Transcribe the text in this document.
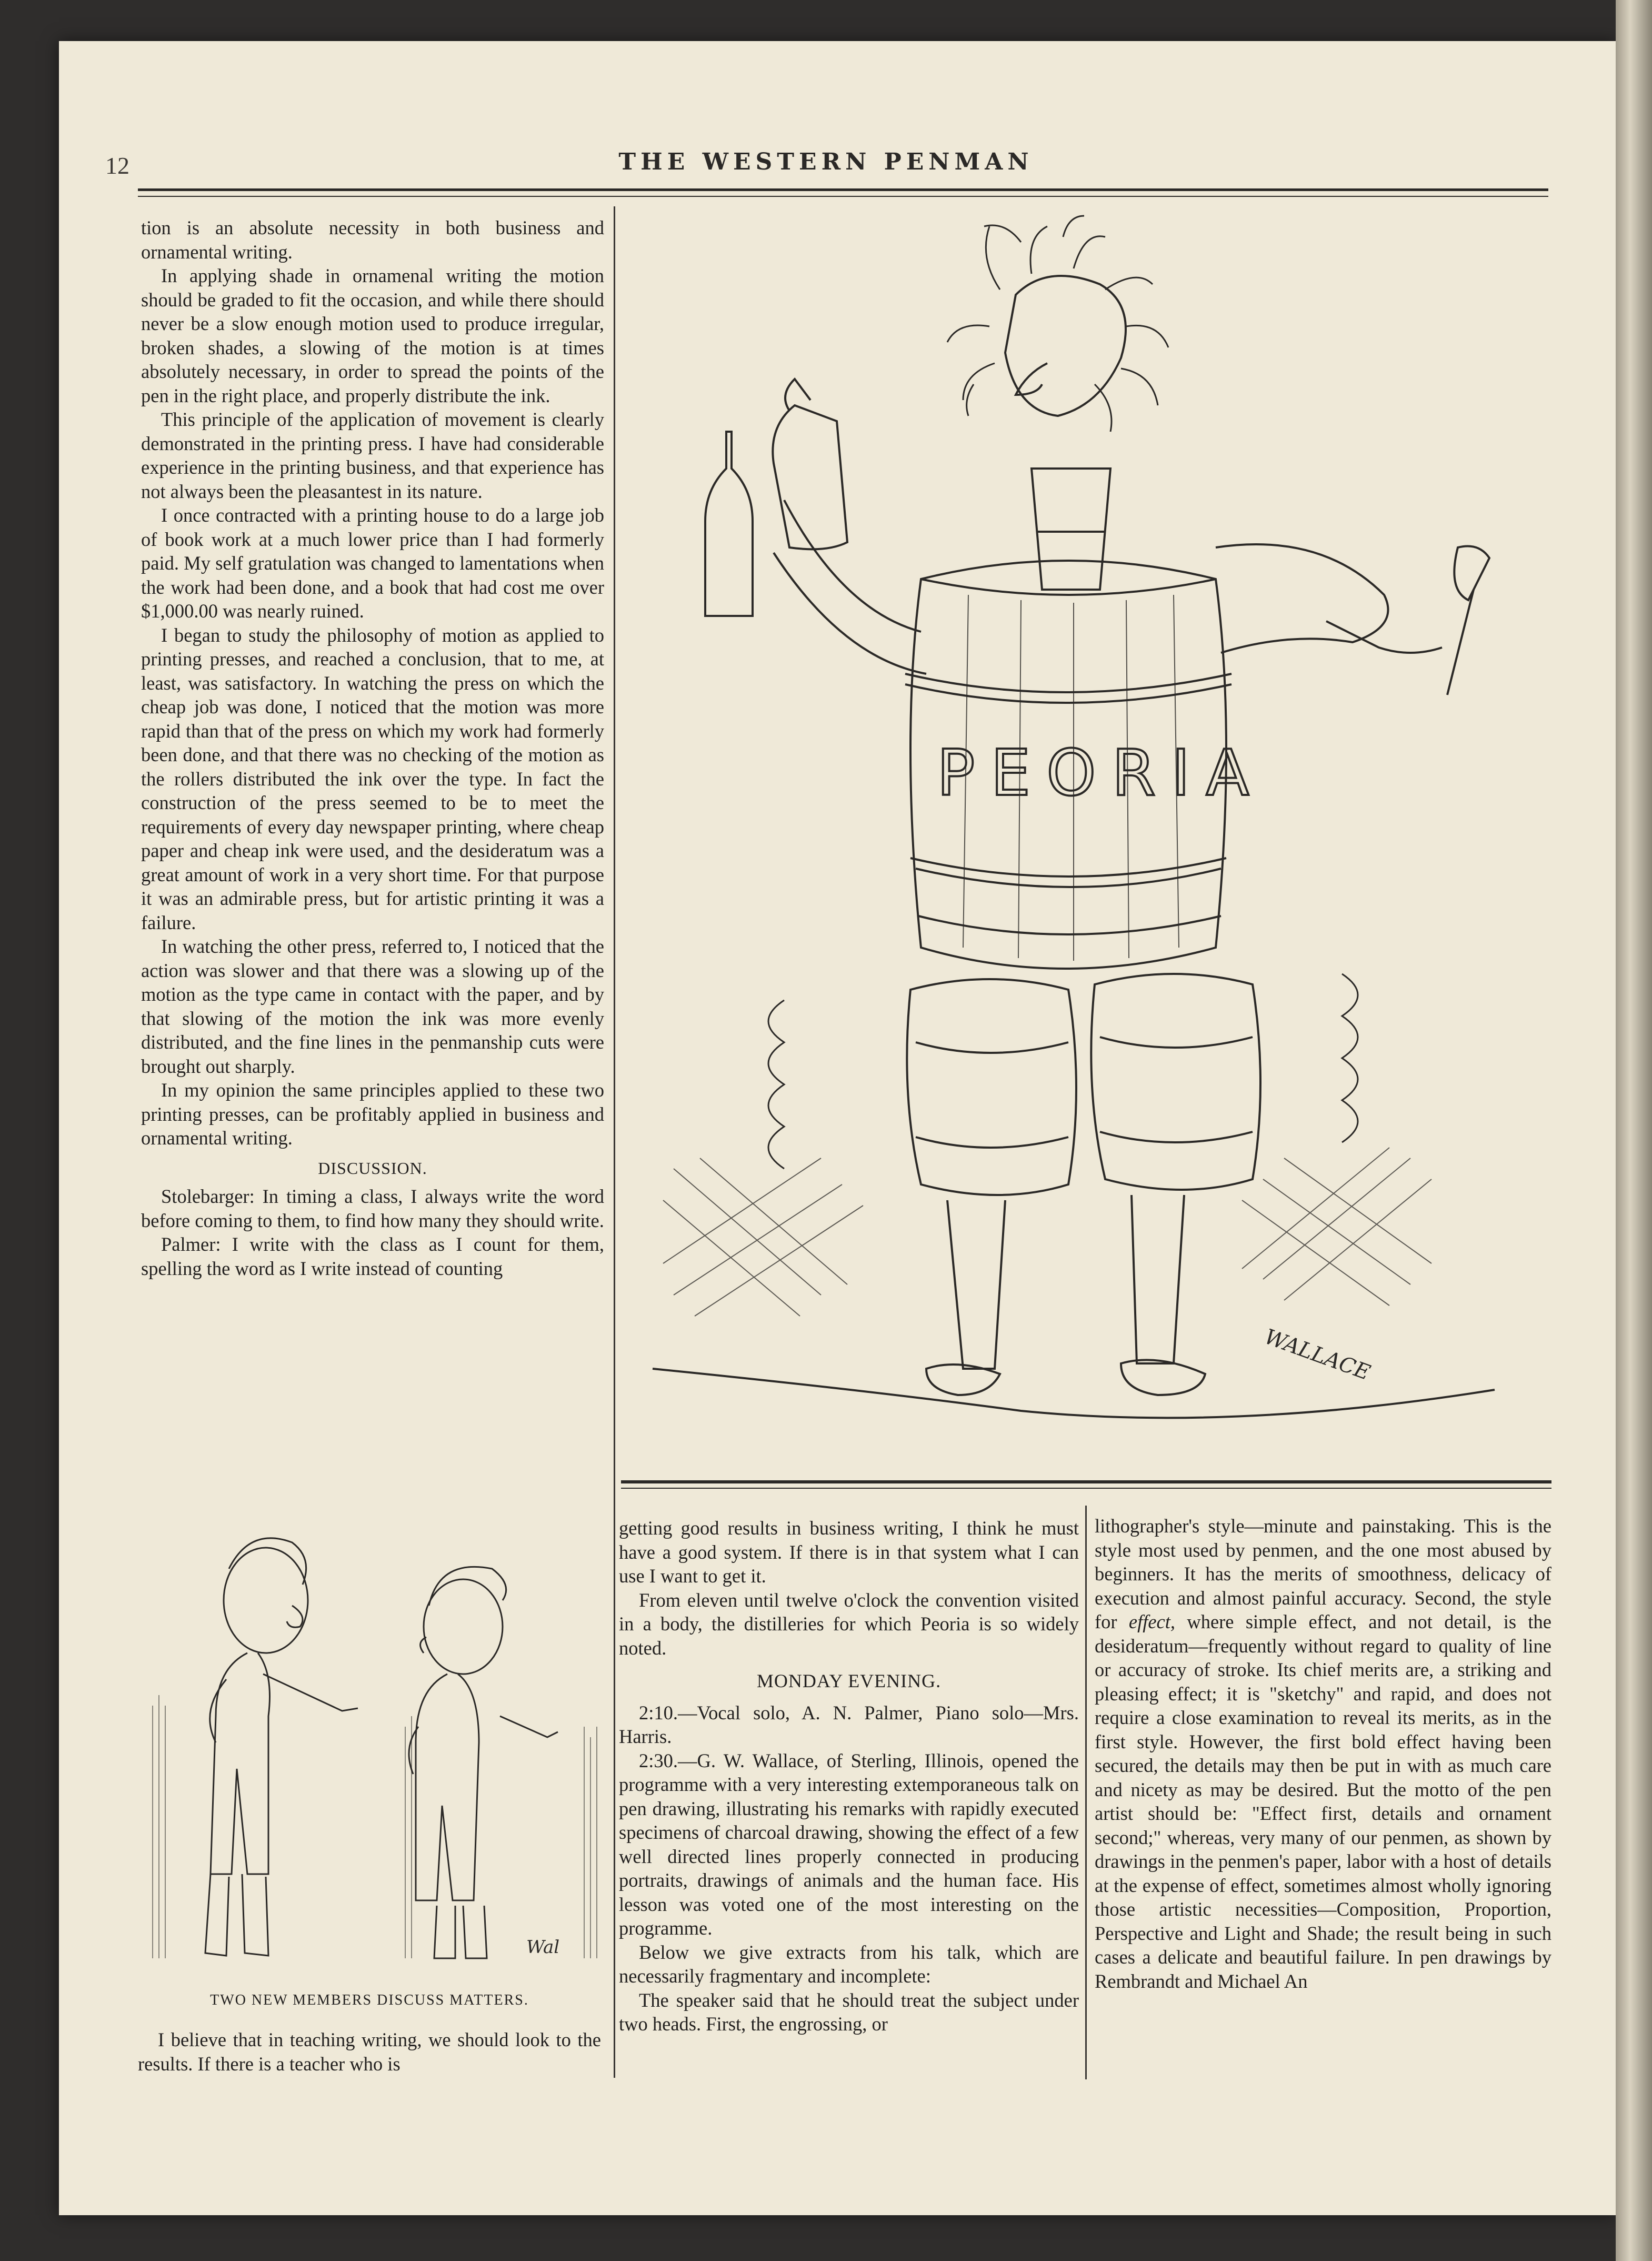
12	THE WESTERN PENMAN

tion is an absolute necessity in both business and ornamental writing.

In applying shade in ornamenal writing the motion should be graded to fit the occasion, and while there should never be a slow enough motion used to produce irregular, broken shades, a slowing of the motion is at times absolutely necessary, in order to spread the points of the pen in the right place, and properly distribute the ink.

This principle of the application of movement is clearly demonstrated in the printing press. I have had considerable experience in the printing business, and that experience has not always been the pleasantest in its nature.

I once contracted with a printing house to do a large job of book work at a much lower price than I had formerly paid. My self gratulation was changed to lamentations when the work had been done, and a book that had cost me over $1,000.00 was nearly ruined.

I began to study the philosophy of motion as applied to printing presses, and reached a conclusion, that to me, at least, was satisfactory. In watching the press on which the cheap job was done, I noticed that the motion was more rapid than that of the press on which my work had formerly been done, and that there was no checking of the motion as the rollers distributed the ink over the type. In fact the construction of the press seemed to be to meet the requirements of every day newspaper printing, where cheap paper and cheap ink were used, and the desideratum was a great amount of work in a very short time. For that purpose it was an admirable press, but for artistic printing it was a failure.

In watching the other press, referred to, I noticed that the action was slower and that there was a slowing up of the motion as the type came in contact with the paper, and by that slowing of the motion the ink was more evenly distributed, and the fine lines in the penmanship cuts were brought out sharply.

In my opinion the same principles applied to these two printing presses, can be profitably applied in business and ornamental writing.

DISCUSSION.

Stolebarger: In timing a class, I always write the word before coming to them, to find how many they should write.

Palmer: I write with the class as I count for them, spelling the word as I write instead of counting

Wal
TWO NEW MEMBERS DISCUSS MATTERS.

I believe that in teaching writing, we should look to the results. If there is a teacher who is

PEORIA
WALLACE

getting good results in business writing, I think he must have a good system. If there is in that system what I can use I want to get it.

From eleven until twelve o'clock the convention visited in a body, the distilleries for which Peoria is so widely noted.

MONDAY EVENING.

2:10.—Vocal solo, A. N. Palmer, Piano solo—Mrs. Harris.

2:30.—G. W. Wallace, of Sterling, Illinois, opened the programme with a very interesting extemporaneous talk on pen drawing, illustrating his remarks with rapidly executed specimens of charcoal drawing, showing the effect of a few well directed lines properly connected in producing portraits, drawings of animals and the human face. His lesson was voted one of the most interesting on the programme.

Below we give extracts from his talk, which are necessarily fragmentary and incomplete:

The speaker said that he should treat the subject under two heads. First, the engrossing, or

lithographer's style—minute and painstaking. This is the style most used by penmen, and the one most abused by beginners. It has the merits of smoothness, delicacy of execution and almost painful accuracy. Second, the style for effect, where simple effect, and not detail, is the desideratum—frequently without regard to quality of line or accuracy of stroke. Its chief merits are, a striking and pleasing effect; it is "sketchy" and rapid, and does not require a close examination to reveal its merits, as in the first style. However, the first bold effect having been secured, the details may then be put in with as much care and nicety as may be desired. But the motto of the pen artist should be: "Effect first, details and ornament second;" whereas, very many of our penmen, as shown by drawings in the penmen's paper, labor with a host of details at the expense of effect, sometimes almost wholly ignoring those artistic necessities—Composition, Proportion, Perspective and Light and Shade; the result being in such cases a delicate and beautiful failure. In pen drawings by Rembrandt and Michael An
